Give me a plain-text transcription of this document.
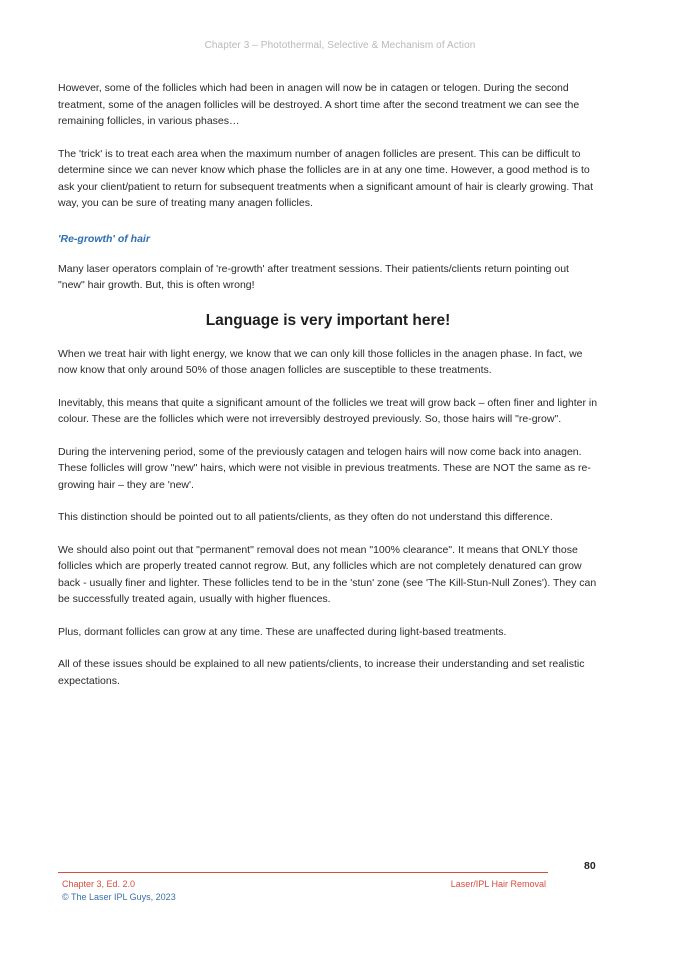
Chapter 3 – Photothermal, Selective & Mechanism of Action

However, some of the follicles which had been in anagen will now be in catagen or telogen. During the second treatment, some of the anagen follicles will be destroyed. A short time after the second treatment we can see the remaining follicles, in various phases…

The 'trick' is to treat each area when the maximum number of anagen follicles are present. This can be difficult to determine since we can never know which phase the follicles are in at any one time. However, a good method is to ask your client/patient to return for subsequent treatments when a significant amount of hair is clearly growing. That way, you can be sure of treating many anagen follicles.

'Re-growth' of hair

Many laser operators complain of 're-growth' after treatment sessions. Their patients/clients return pointing out "new" hair growth. But, this is often wrong!

Language is very important here!

When we treat hair with light energy, we know that we can only kill those follicles in the anagen phase. In fact, we now know that only around 50% of those anagen follicles are susceptible to these treatments.

Inevitably, this means that quite a significant amount of the follicles we treat will grow back – often finer and lighter in colour. These are the follicles which were not irreversibly destroyed previously. So, those hairs will "re-grow".

During the intervening period, some of the previously catagen and telogen hairs will now come back into anagen. These follicles will grow "new" hairs, which were not visible in previous treatments. These are NOT the same as re-growing hair – they are 'new'.

This distinction should be pointed out to all patients/clients, as they often do not understand this difference.

We should also point out that "permanent" removal does not mean "100% clearance". It means that ONLY those follicles which are properly treated cannot regrow. But, any follicles which are not completely denatured can grow back - usually finer and lighter. These follicles tend to be in the 'stun' zone (see 'The Kill-Stun-Null Zones'). They can be successfully treated again, usually with higher fluences.

Plus, dormant follicles can grow at any time. These are unaffected during light-based treatments.

All of these issues should be explained to all new patients/clients, to increase their understanding and set realistic expectations.

80
Chapter 3, Ed. 2.0
© The Laser IPL Guys, 2023
Laser/IPL Hair Removal
